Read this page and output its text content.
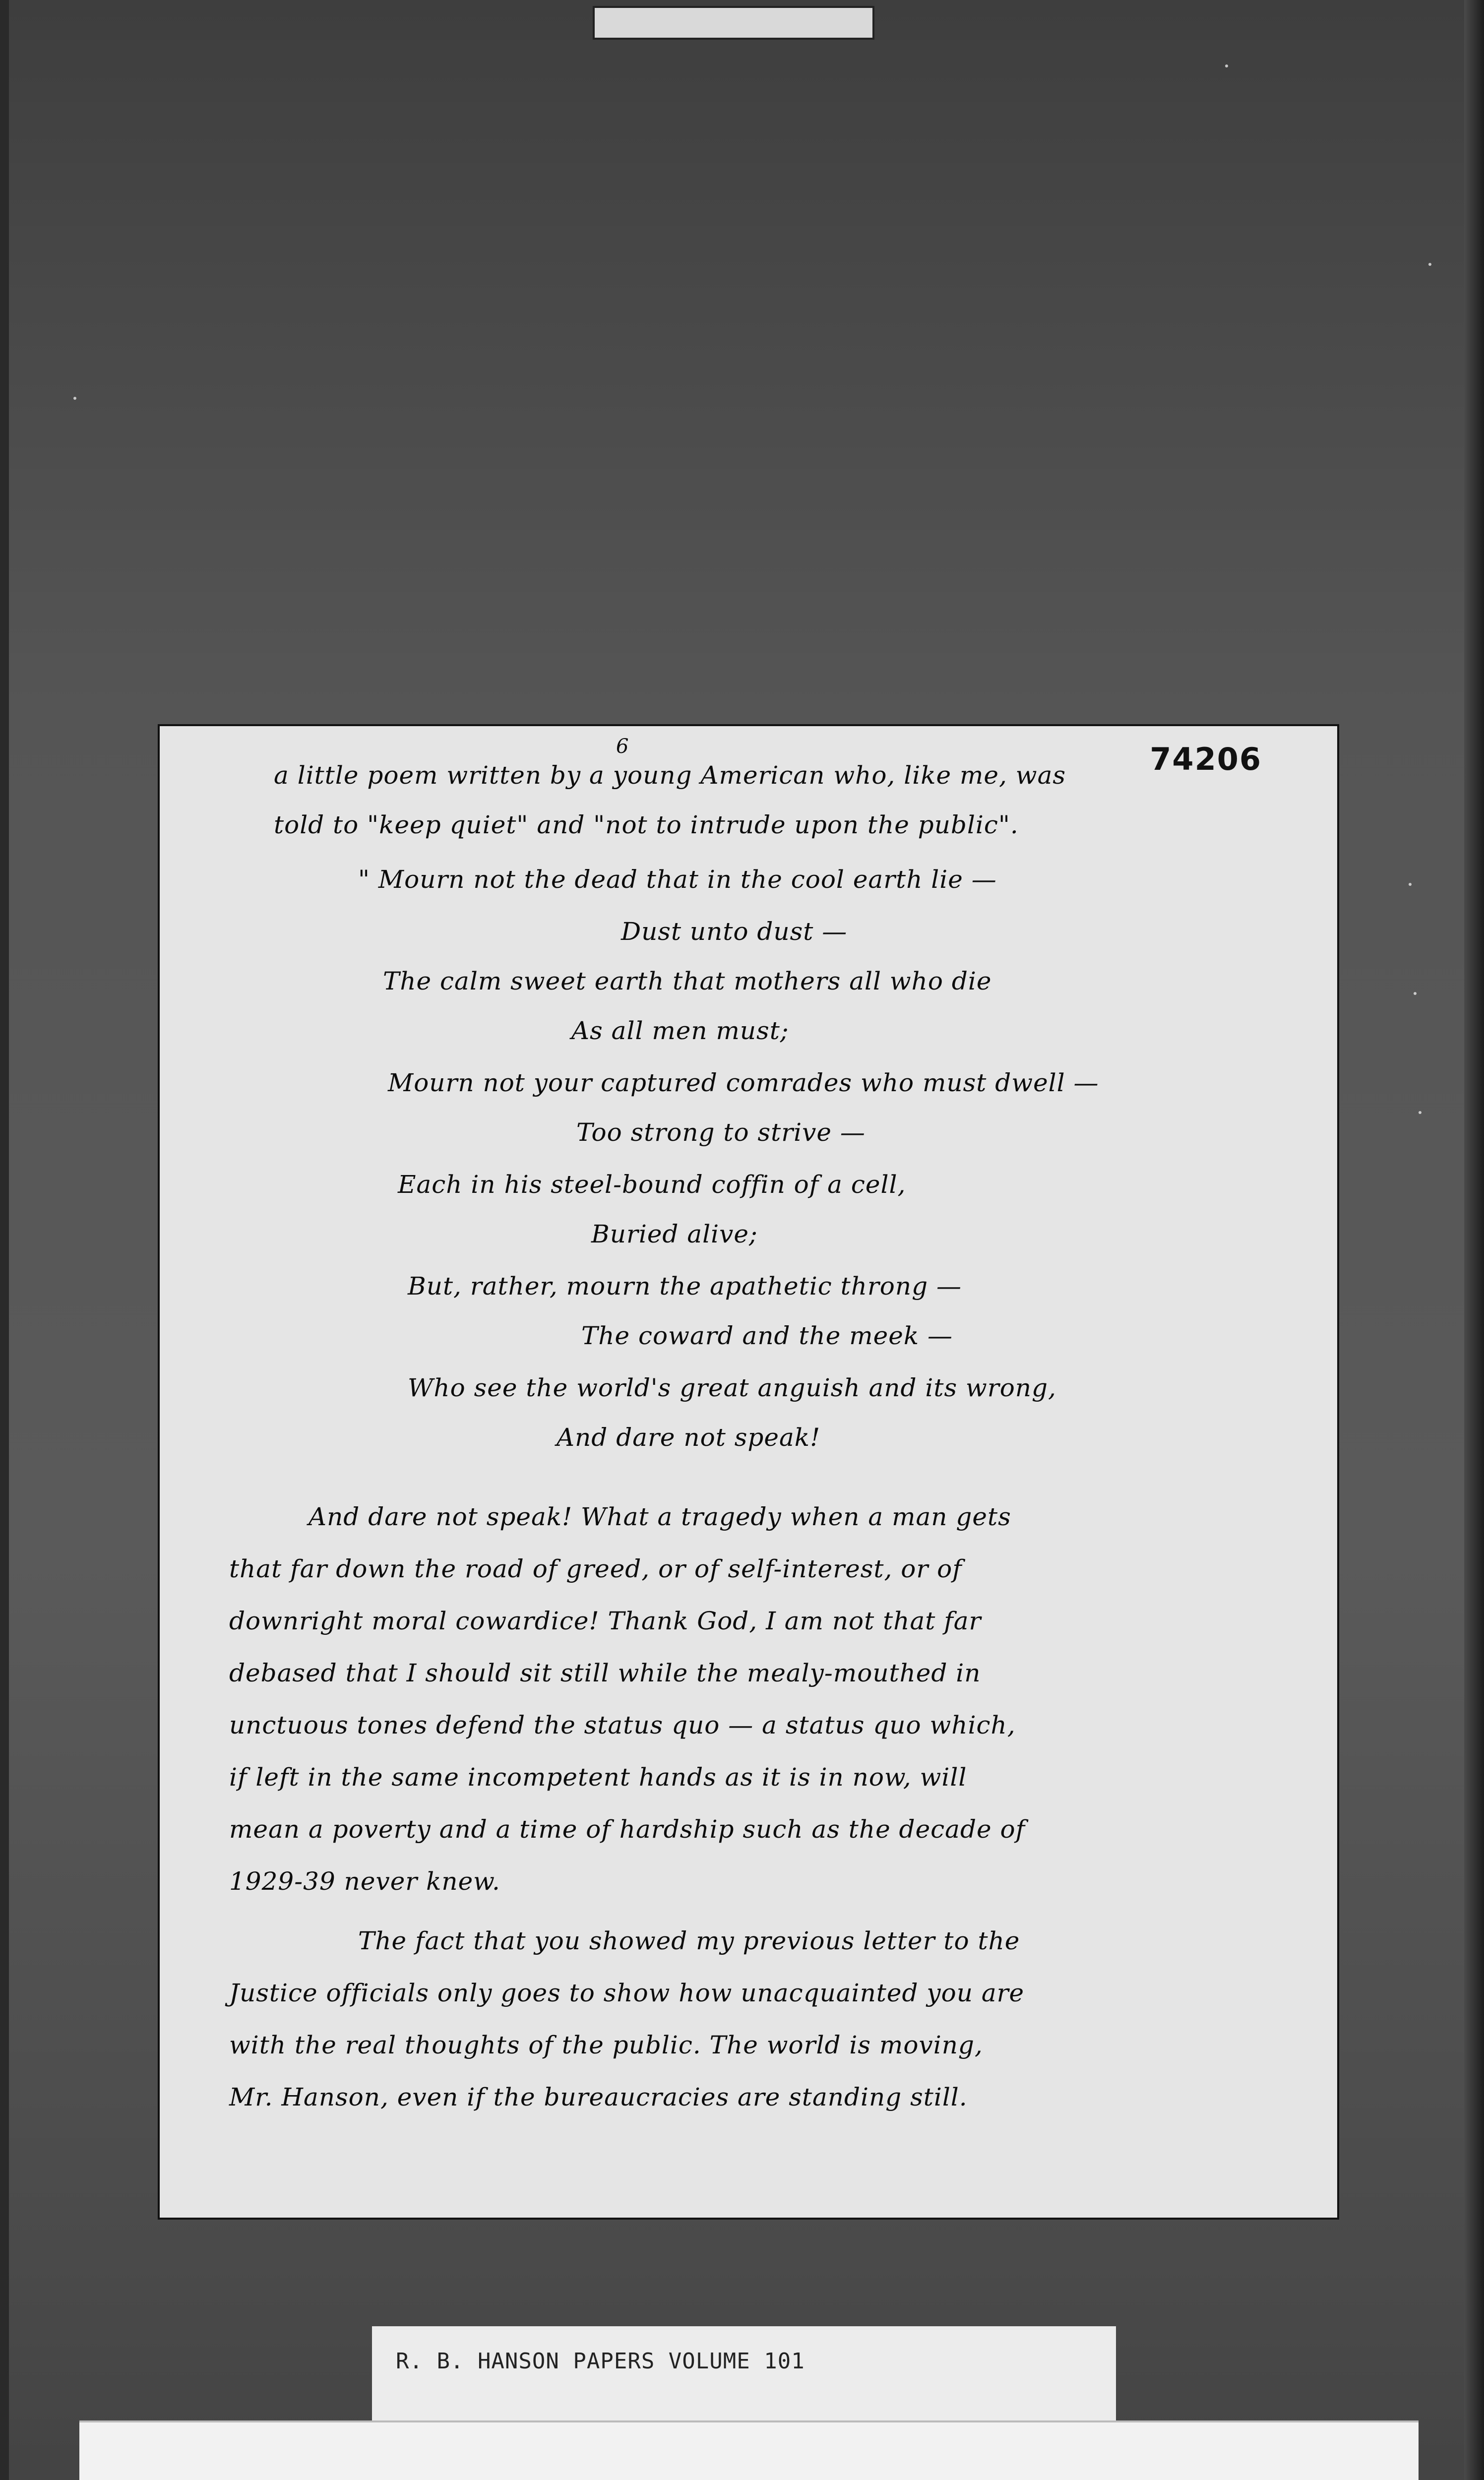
74206
6
a little poem written by a young American who, like me, was
told to "keep quiet" and "not to intrude upon the public".
" Mourn not the dead that in the cool earth lie —
Dust unto dust —
The calm sweet earth that mothers all who die
As all men must;
Mourn not your captured comrades who must dwell —
Too strong to strive —
Each in his steel-bound coffin of a cell,
Buried alive;
But, rather, mourn the apathetic throng —
The coward and the meek —
Who see the world's great anguish and its wrong,
And dare not speak!
And dare not speak! What a tragedy when a man gets
that far down the road of greed, or of self-interest, or of
downright moral cowardice! Thank God, I am not that far
debased that I should sit still while the mealy-mouthed in
unctuous tones defend the status quo — a status quo which,
if left in the same incompetent hands as it is in now, will
mean a poverty and a time of hardship such as the decade of
1929-39 never knew.
The fact that you showed my previous letter to the
Justice officials only goes to show how unacquainted you are
with the real thoughts of the public. The world is moving,
Mr. Hanson, even if the bureaucracies are standing still.
R. B. HANSON PAPERS VOLUME 101
